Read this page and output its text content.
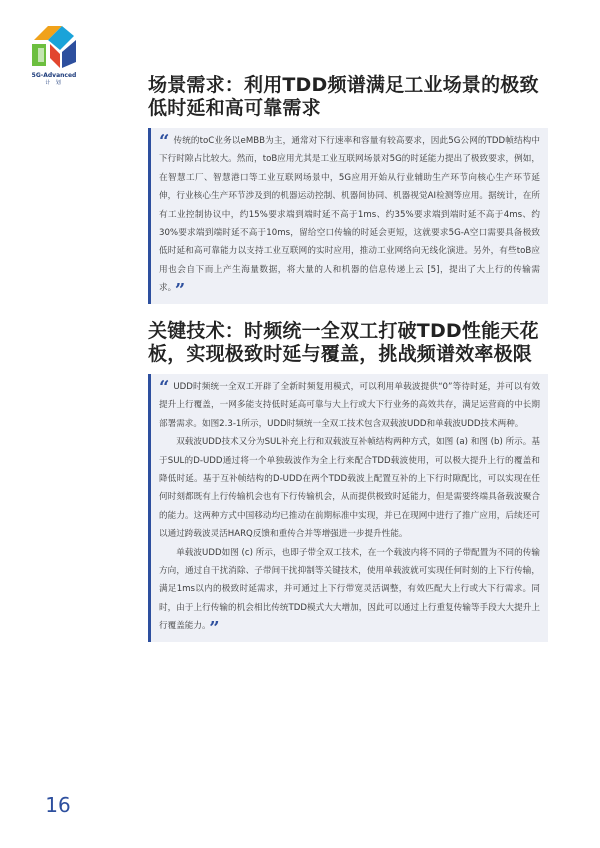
5G-Advanced
计 划	场景需求：利用TDD频谱满足工业场景的极致低时延和高可靠需求

“ 传统的toC业务以eMBB为主，通常对下行速率和容量有较高要求，因此5G公网的TDD帧结构中下行时隙占比较大。然而，toB应用尤其是工业互联网场景对5G的时延能力提出了极致要求，例如，在智慧工厂、智慧港口等工业互联网场景中，5G应用开始从行业辅助生产环节向核心生产环节延伸，行业核心生产环节涉及到的机器运动控制、机器间协同、机器视觉AI检测等应用。据统计，在所有工业控制协议中，约15%要求端到端时延不高于1ms、约35%要求端到端时延不高于4ms、约30%要求端到端时延不高于10ms，留给空口传输的时延会更短，这就要求5G-A空口需要具备极致低时延和高可靠能力以支持工业互联网的实时应用，推动工业网络向无线化演进。另外，有些toB应用也会自下而上产生海量数据，将大量的人和机器的信息传递上云 [5]，提出了大上行的传输需求。 ”

关键技术：时频统一全双工打破TDD性能天花板，实现极致时延与覆盖，挑战频谱效率极限

“ UDD时频统一全双工开辟了全新时频复用模式，可以利用单载波提供“0”等待时延，并可以有效提升上行覆盖，一网多能支持低时延高可靠与大上行或大下行业务的高效共存，满足运营商的中长期部署需求。如图2.3-1所示，UDD时频统一全双工技术包含双载波UDD和单载波UDD技术两种。

双载波UDD技术又分为SUL补充上行和双载波互补帧结构两种方式，如图 (a) 和图 (b) 所示。基于SUL的D-UDD通过将一个单独载波作为全上行来配合TDD载波使用，可以极大提升上行的覆盖和降低时延。基于互补帧结构的D-UDD在两个TDD载波上配置互补的上下行时隙配比，可以实现在任何时刻都既有上行传输机会也有下行传输机会，从而提供极致时延能力，但是需要终端具备载波聚合的能力。这两种方式中国移动均已推动在前期标准中实现，并已在现网中进行了推广应用，后续还可以通过跨载波灵活HARQ反馈和重传合并等增强进一步提升性能。

单载波UDD如图 (c) 所示，也即子带全双工技术，在一个载波内将不同的子带配置为不同的传输方向，通过自干扰消除、子带间干扰抑制等关键技术，使用单载波就可实现任何时刻的上下行传输，满足1ms以内的极致时延需求，并可通过上下行带宽灵活调整，有效匹配大上行或大下行需求。同时，由于上行传输的机会相比传统TDD模式大大增加，因此可以通过上行重复传输等手段大大提升上行覆盖能力。 ”

16
